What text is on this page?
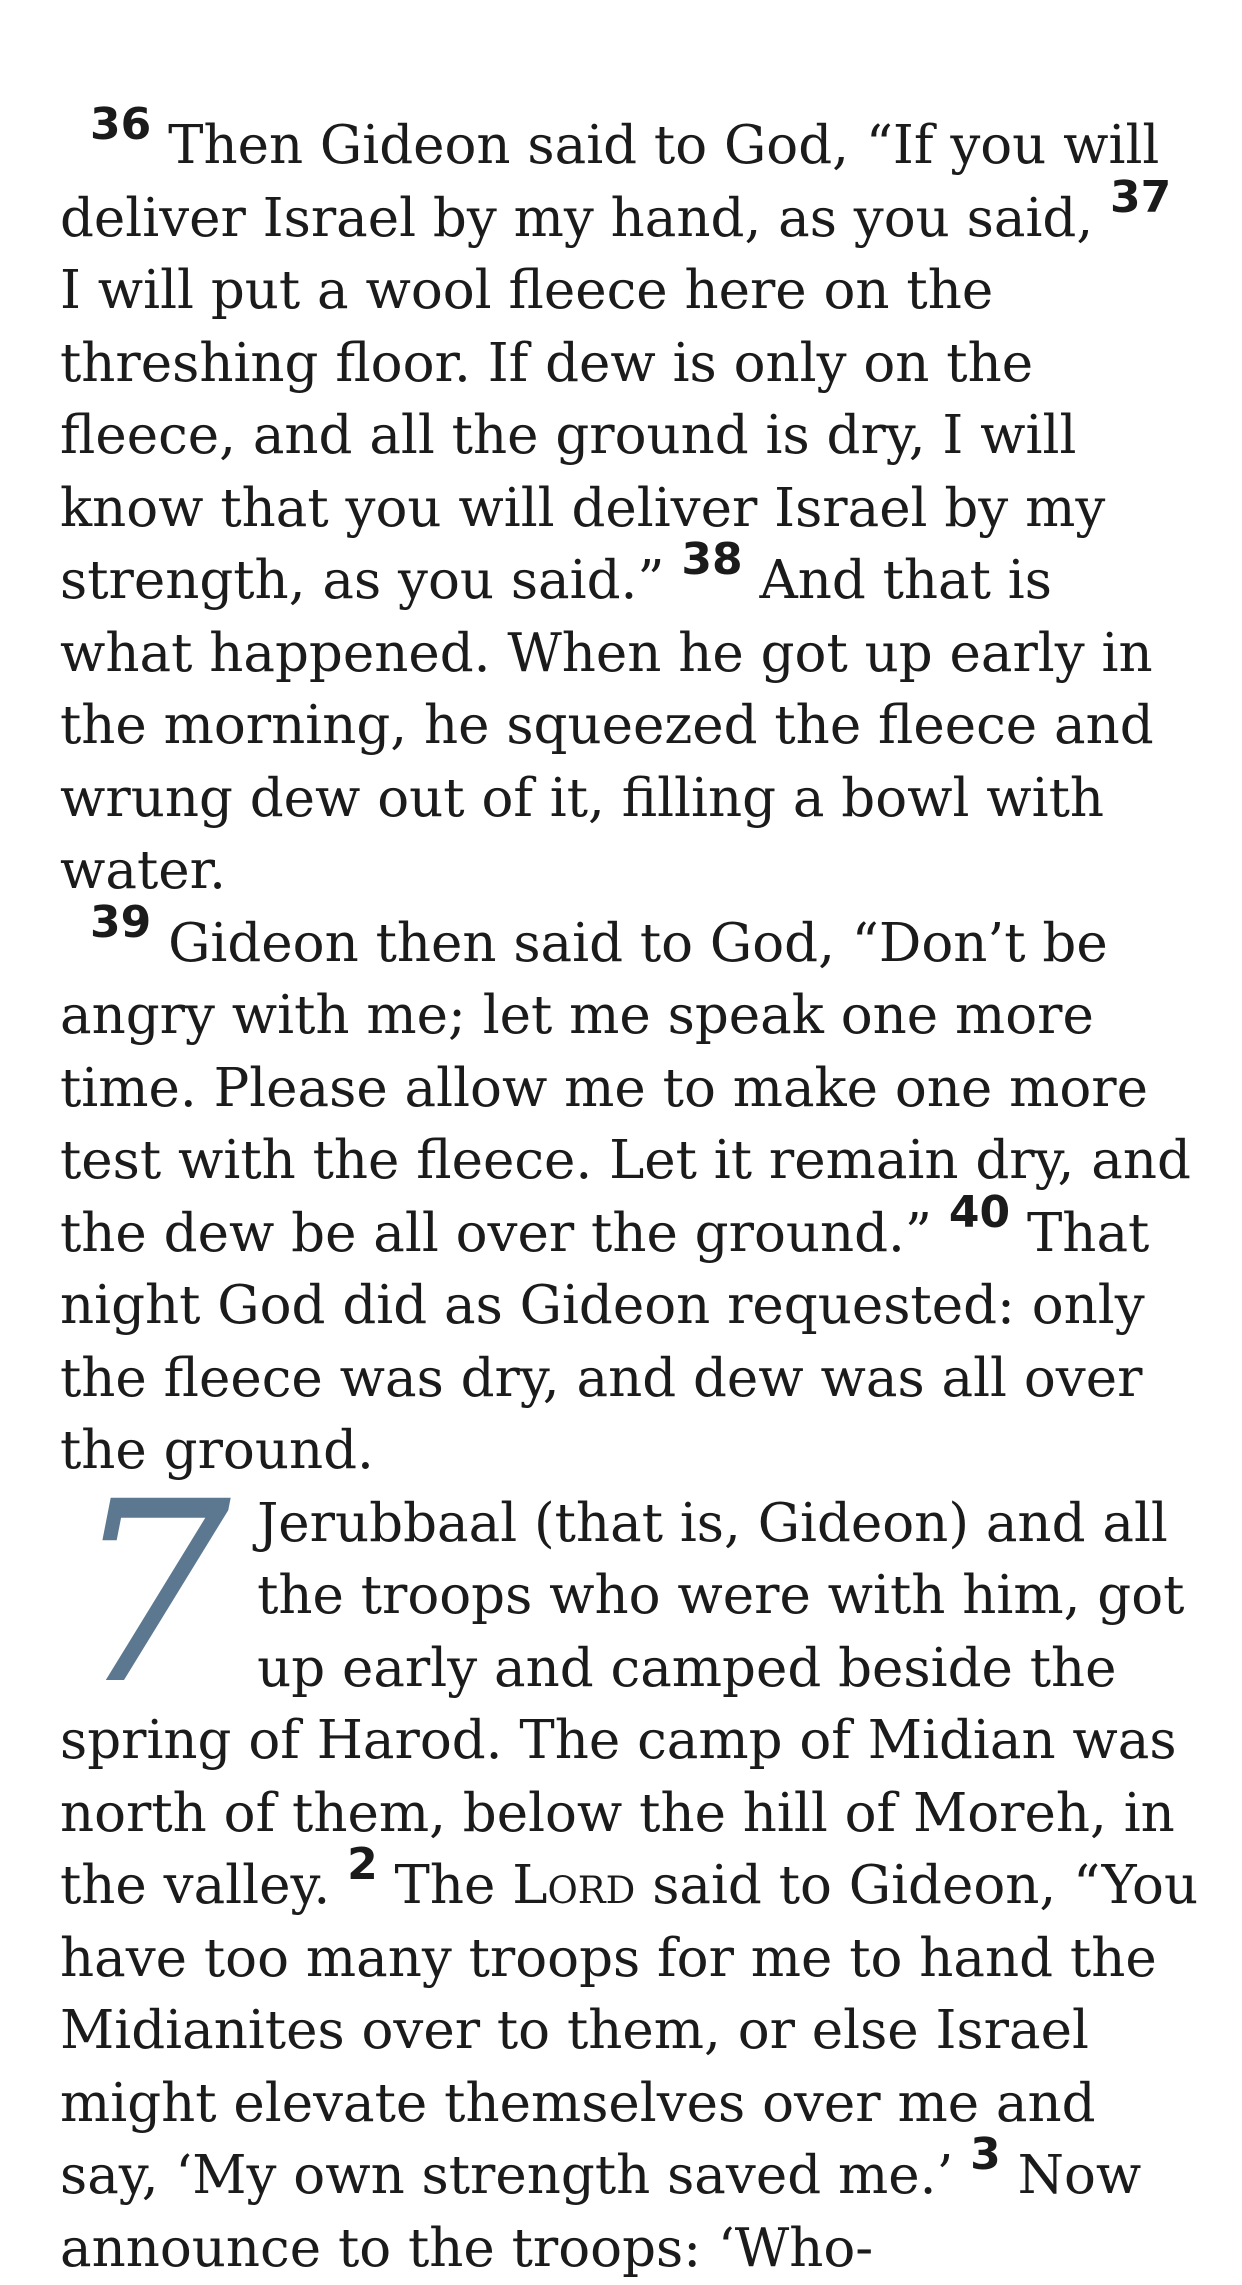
$^{36}$ Then Gideon said to God, “If you will deliver Israel by my hand, as you said, $^{37}$ I will put a wool fleece here on the threshing floor. If dew is only on the fleece, and all the ground is dry, I will know that you will deliver Israel by my strength, as you said.” $^{38}$ And that is what happened. When he got up early in the morning, he squeezed the fleece and wrung dew out of it, filling a bowl with water.

$^{39}$ Gideon then said to God, “Don’t be angry with me; let me speak one more time. Please allow me to make one more test with the fleece. Let it remain dry, and the dew be all over the ground.” $^{40}$ That night God did as Gideon requested: only the fleece was dry, and dew was all over the ground.

7 Jerubbaal (that is, Gideon) and all the troops who were with him, got up early and camped beside the spring of Harod. The camp of Midian was north of them, below the hill of Moreh, in the valley. $^2$ The Lord said to Gideon, “You have too many troops for me to hand the Midianites over to them, or else Israel might elevate themselves over me and say, ‘My own strength saved me.’ $^3$ Now announce to the troops: ‘Who-
